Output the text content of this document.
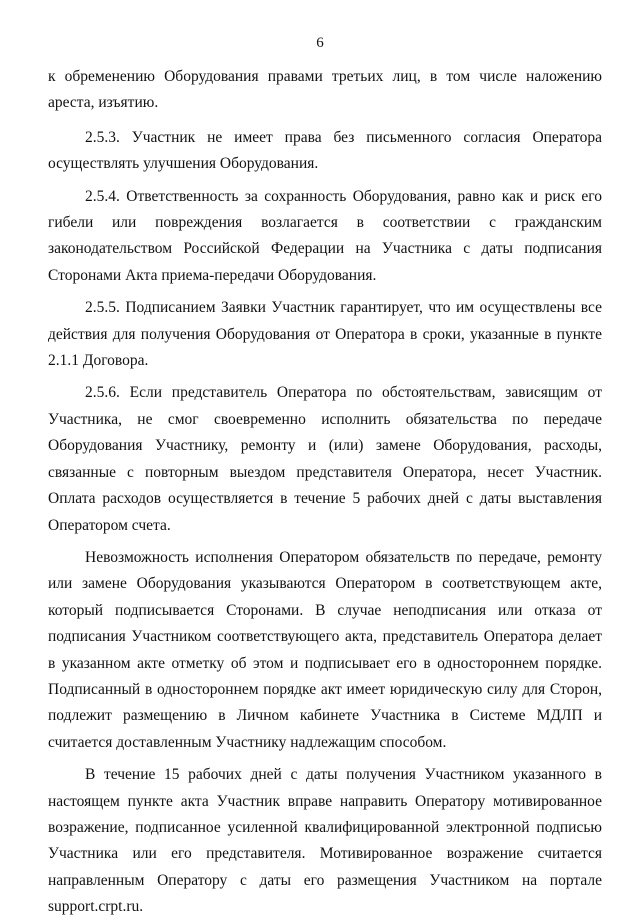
6

к обременению Оборудования правами третьих лиц, в том числе наложению ареста, изъятию.

2.5.3. Участник не имеет права без письменного согласия Оператора осуществлять улучшения Оборудования.

2.5.4. Ответственность за сохранность Оборудования, равно как и риск его гибели или повреждения возлагается в соответствии с гражданским законодательством Российской Федерации на Участника с даты подписания Сторонами Акта приема-передачи Оборудования.

2.5.5. Подписанием Заявки Участник гарантирует, что им осуществлены все действия для получения Оборудования от Оператора в сроки, указанные в пункте 2.1.1 Договора.

2.5.6. Если представитель Оператора по обстоятельствам, зависящим от Участника, не смог своевременно исполнить обязательства по передаче Оборудования Участнику, ремонту и (или) замене Оборудования, расходы, связанные с повторным выездом представителя Оператора, несет Участник. Оплата расходов осуществляется в течение 5 рабочих дней с даты выставления Оператором счета.

Невозможность исполнения Оператором обязательств по передаче, ремонту или замене Оборудования указываются Оператором в соответствующем акте, который подписывается Сторонами. В случае неподписания или отказа от подписания Участником соответствующего акта, представитель Оператора делает в указанном акте отметку об этом и подписывает его в одностороннем порядке. Подписанный в одностороннем порядке акт имеет юридическую силу для Сторон, подлежит размещению в Личном кабинете Участника в Системе МДЛП и считается доставленным Участнику надлежащим способом.

В течение 15 рабочих дней с даты получения Участником указанного в настоящем пункте акта Участник вправе направить Оператору мотивированное возражение, подписанное усиленной квалифицированной электронной подписью Участника или его представителя. Мотивированное возражение считается направленным Оператору с даты его размещения Участником на портале support.crpt.ru.
